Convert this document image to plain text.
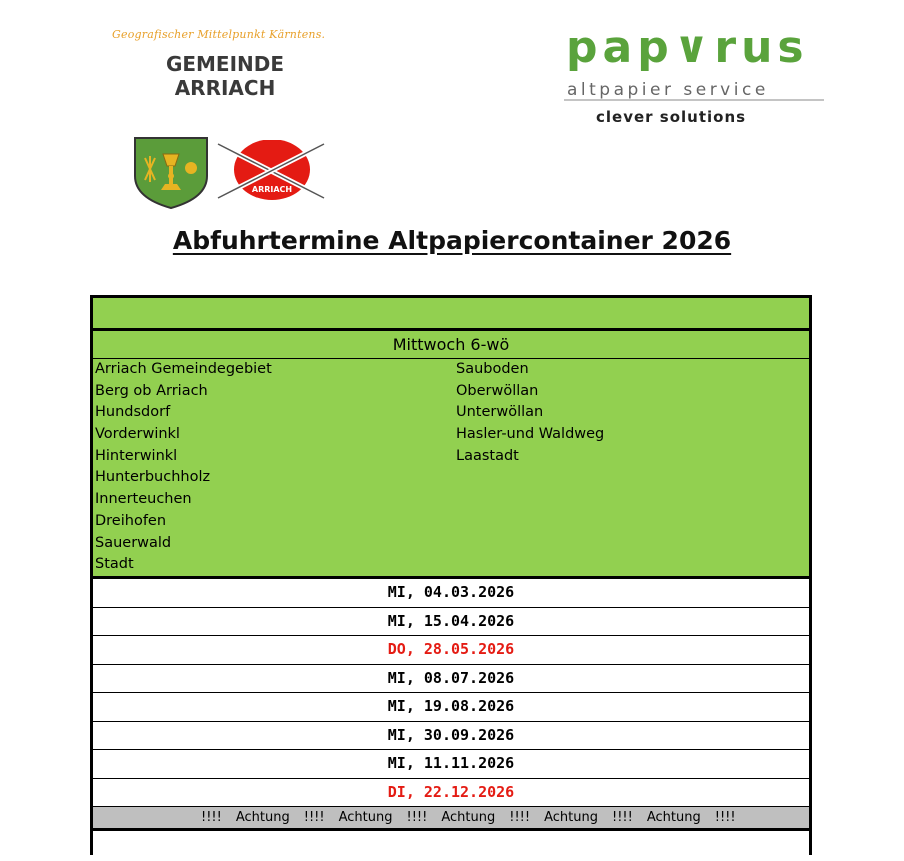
Geografischer Mittelpunkt Kärntens.
GEMEINDE
ARRIACH
pap∨rus
altpapier service
clever solutions
ARRIACH
Abfuhrtermine Altpapiercontainer 2026
Mittwoch 6-wö
Arriach Gemeindegebiet
Berg ob Arriach
Hundsdorf
Vorderwinkl
Hinterwinkl
Hunterbuchholz
Innerteuchen
Dreihofen
Sauerwald
Stadt
Sauboden
Oberwöllan
Unterwöllan
Hasler-und Waldweg
Laastadt
MI, 04.03.2026
MI, 15.04.2026
DO, 28.05.2026
MI, 08.07.2026
MI, 19.08.2026
MI, 30.09.2026
MI, 11.11.2026
DI, 22.12.2026
!!!! Achtung !!!! Achtung !!!! Achtung !!!! Achtung !!!! Achtung !!!!
